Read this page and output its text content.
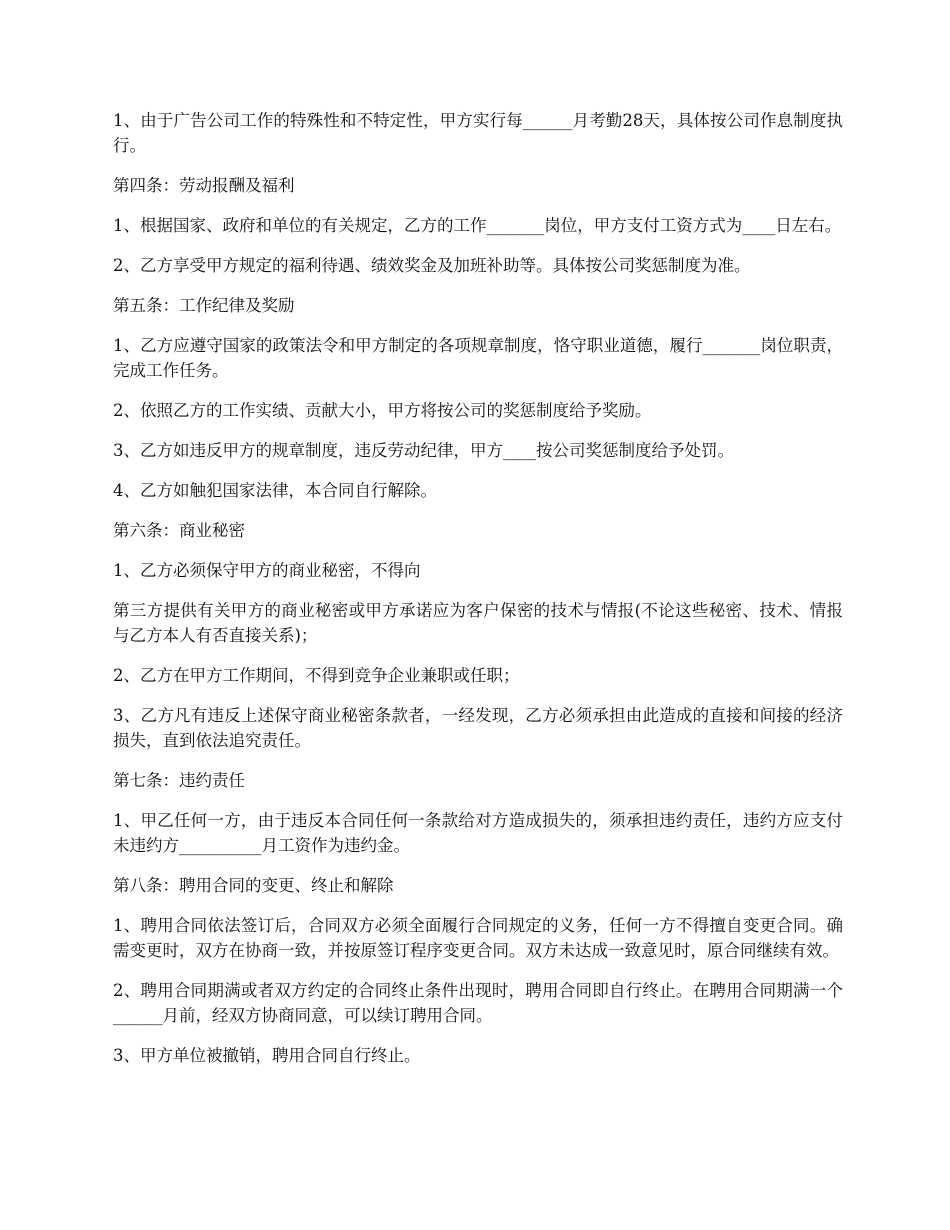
1、由于广告公司工作的特殊性和不特定性，甲方实行每______月考勤28天，具体按公司作息制度执行。

第四条：劳动报酬及福利

1、根据国家、政府和单位的有关规定，乙方的工作_______岗位，甲方支付工资方式为____日左右。

2、乙方享受甲方规定的福利待遇、绩效奖金及加班补助等。具体按公司奖惩制度为准。

第五条：工作纪律及奖励

1、乙方应遵守国家的政策法令和甲方制定的各项规章制度，恪守职业道德，履行_______岗位职责，完成工作任务。

2、依照乙方的工作实绩、贡献大小，甲方将按公司的奖惩制度给予奖励。

3、乙方如违反甲方的规章制度，违反劳动纪律，甲方____按公司奖惩制度给予处罚。

4、乙方如触犯国家法律，本合同自行解除。

第六条：商业秘密

1、乙方必须保守甲方的商业秘密，不得向

第三方提供有关甲方的商业秘密或甲方承诺应为客户保密的技术与情报(不论这些秘密、技术、情报与乙方本人有否直接关系)；

2、乙方在甲方工作期间，不得到竞争企业兼职或任职；

3、乙方凡有违反上述保守商业秘密条款者，一经发现，乙方必须承担由此造成的直接和间接的经济损失，直到依法追究责任。

第七条：违约责任

1、甲乙任何一方，由于违反本合同任何一条款给对方造成损失的，须承担违约责任，违约方应支付未违约方__________月工资作为违约金。

第八条：聘用合同的变更、终止和解除

1、聘用合同依法签订后，合同双方必须全面履行合同规定的义务，任何一方不得擅自变更合同。确需变更时，双方在协商一致，并按原签订程序变更合同。双方未达成一致意见时，原合同继续有效。

2、聘用合同期满或者双方约定的合同终止条件出现时，聘用合同即自行终止。在聘用合同期满一个______月前，经双方协商同意，可以续订聘用合同。

3、甲方单位被撤销，聘用合同自行终止。
